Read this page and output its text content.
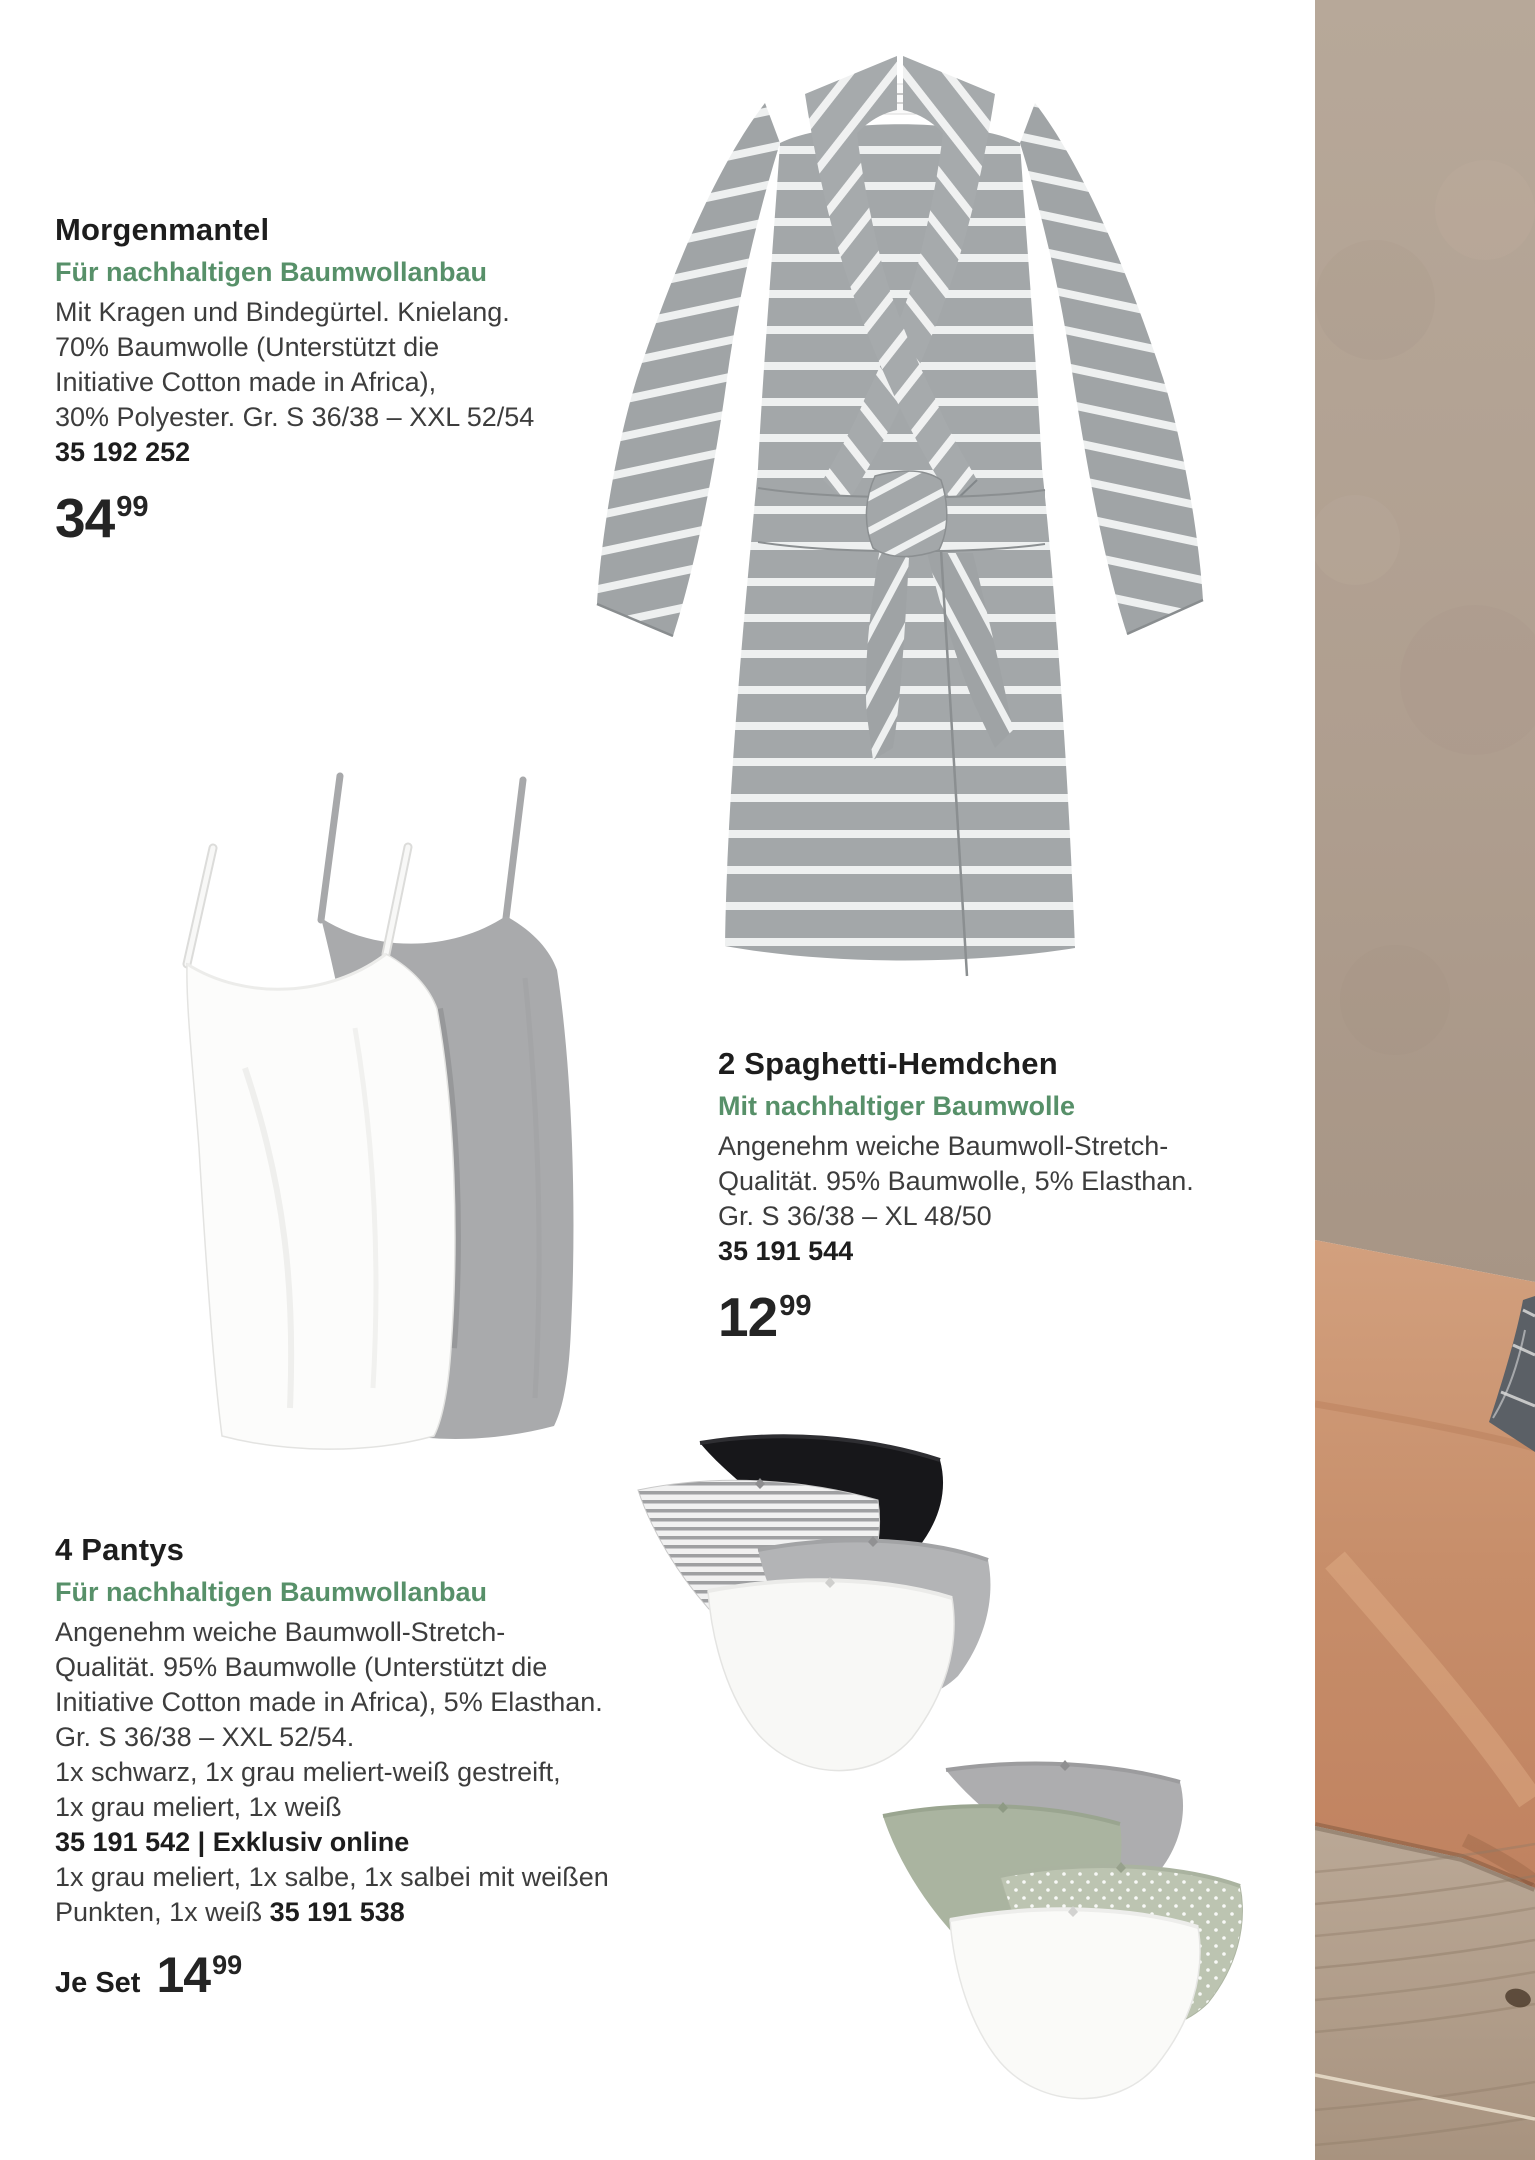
Morgenmantel
Für nachhaltigen Baumwollanbau
Mit Kragen und Bindegürtel. Knielang.
70% Baumwolle (Unterstützt die
Initiative Cotton made in Africa),
30% Polyester. Gr. S 36/38 – XXL 52/54
35 192 252
3499
2 Spaghetti-Hemdchen
Mit nachhaltiger Baumwolle
Angenehm weiche Baumwoll-Stretch-
Qualität. 95% Baumwolle, 5% Elasthan.
Gr. S 36/38 – XL 48/50
35 191 544
1299
4 Pantys
Für nachhaltigen Baumwollanbau
Angenehm weiche Baumwoll-Stretch-
Qualität. 95% Baumwolle (Unterstützt die
Initiative Cotton made in Africa), 5% Elasthan.
Gr. S 36/38 – XXL 52/54.
1x schwarz, 1x grau meliert-weiß gestreift,
1x grau meliert, 1x weiß
35 191 542 | Exklusiv online
1x grau meliert, 1x salbe, 1x salbei mit weißen
Punkten, 1x weiß 35 191 538
Je Set 1499
